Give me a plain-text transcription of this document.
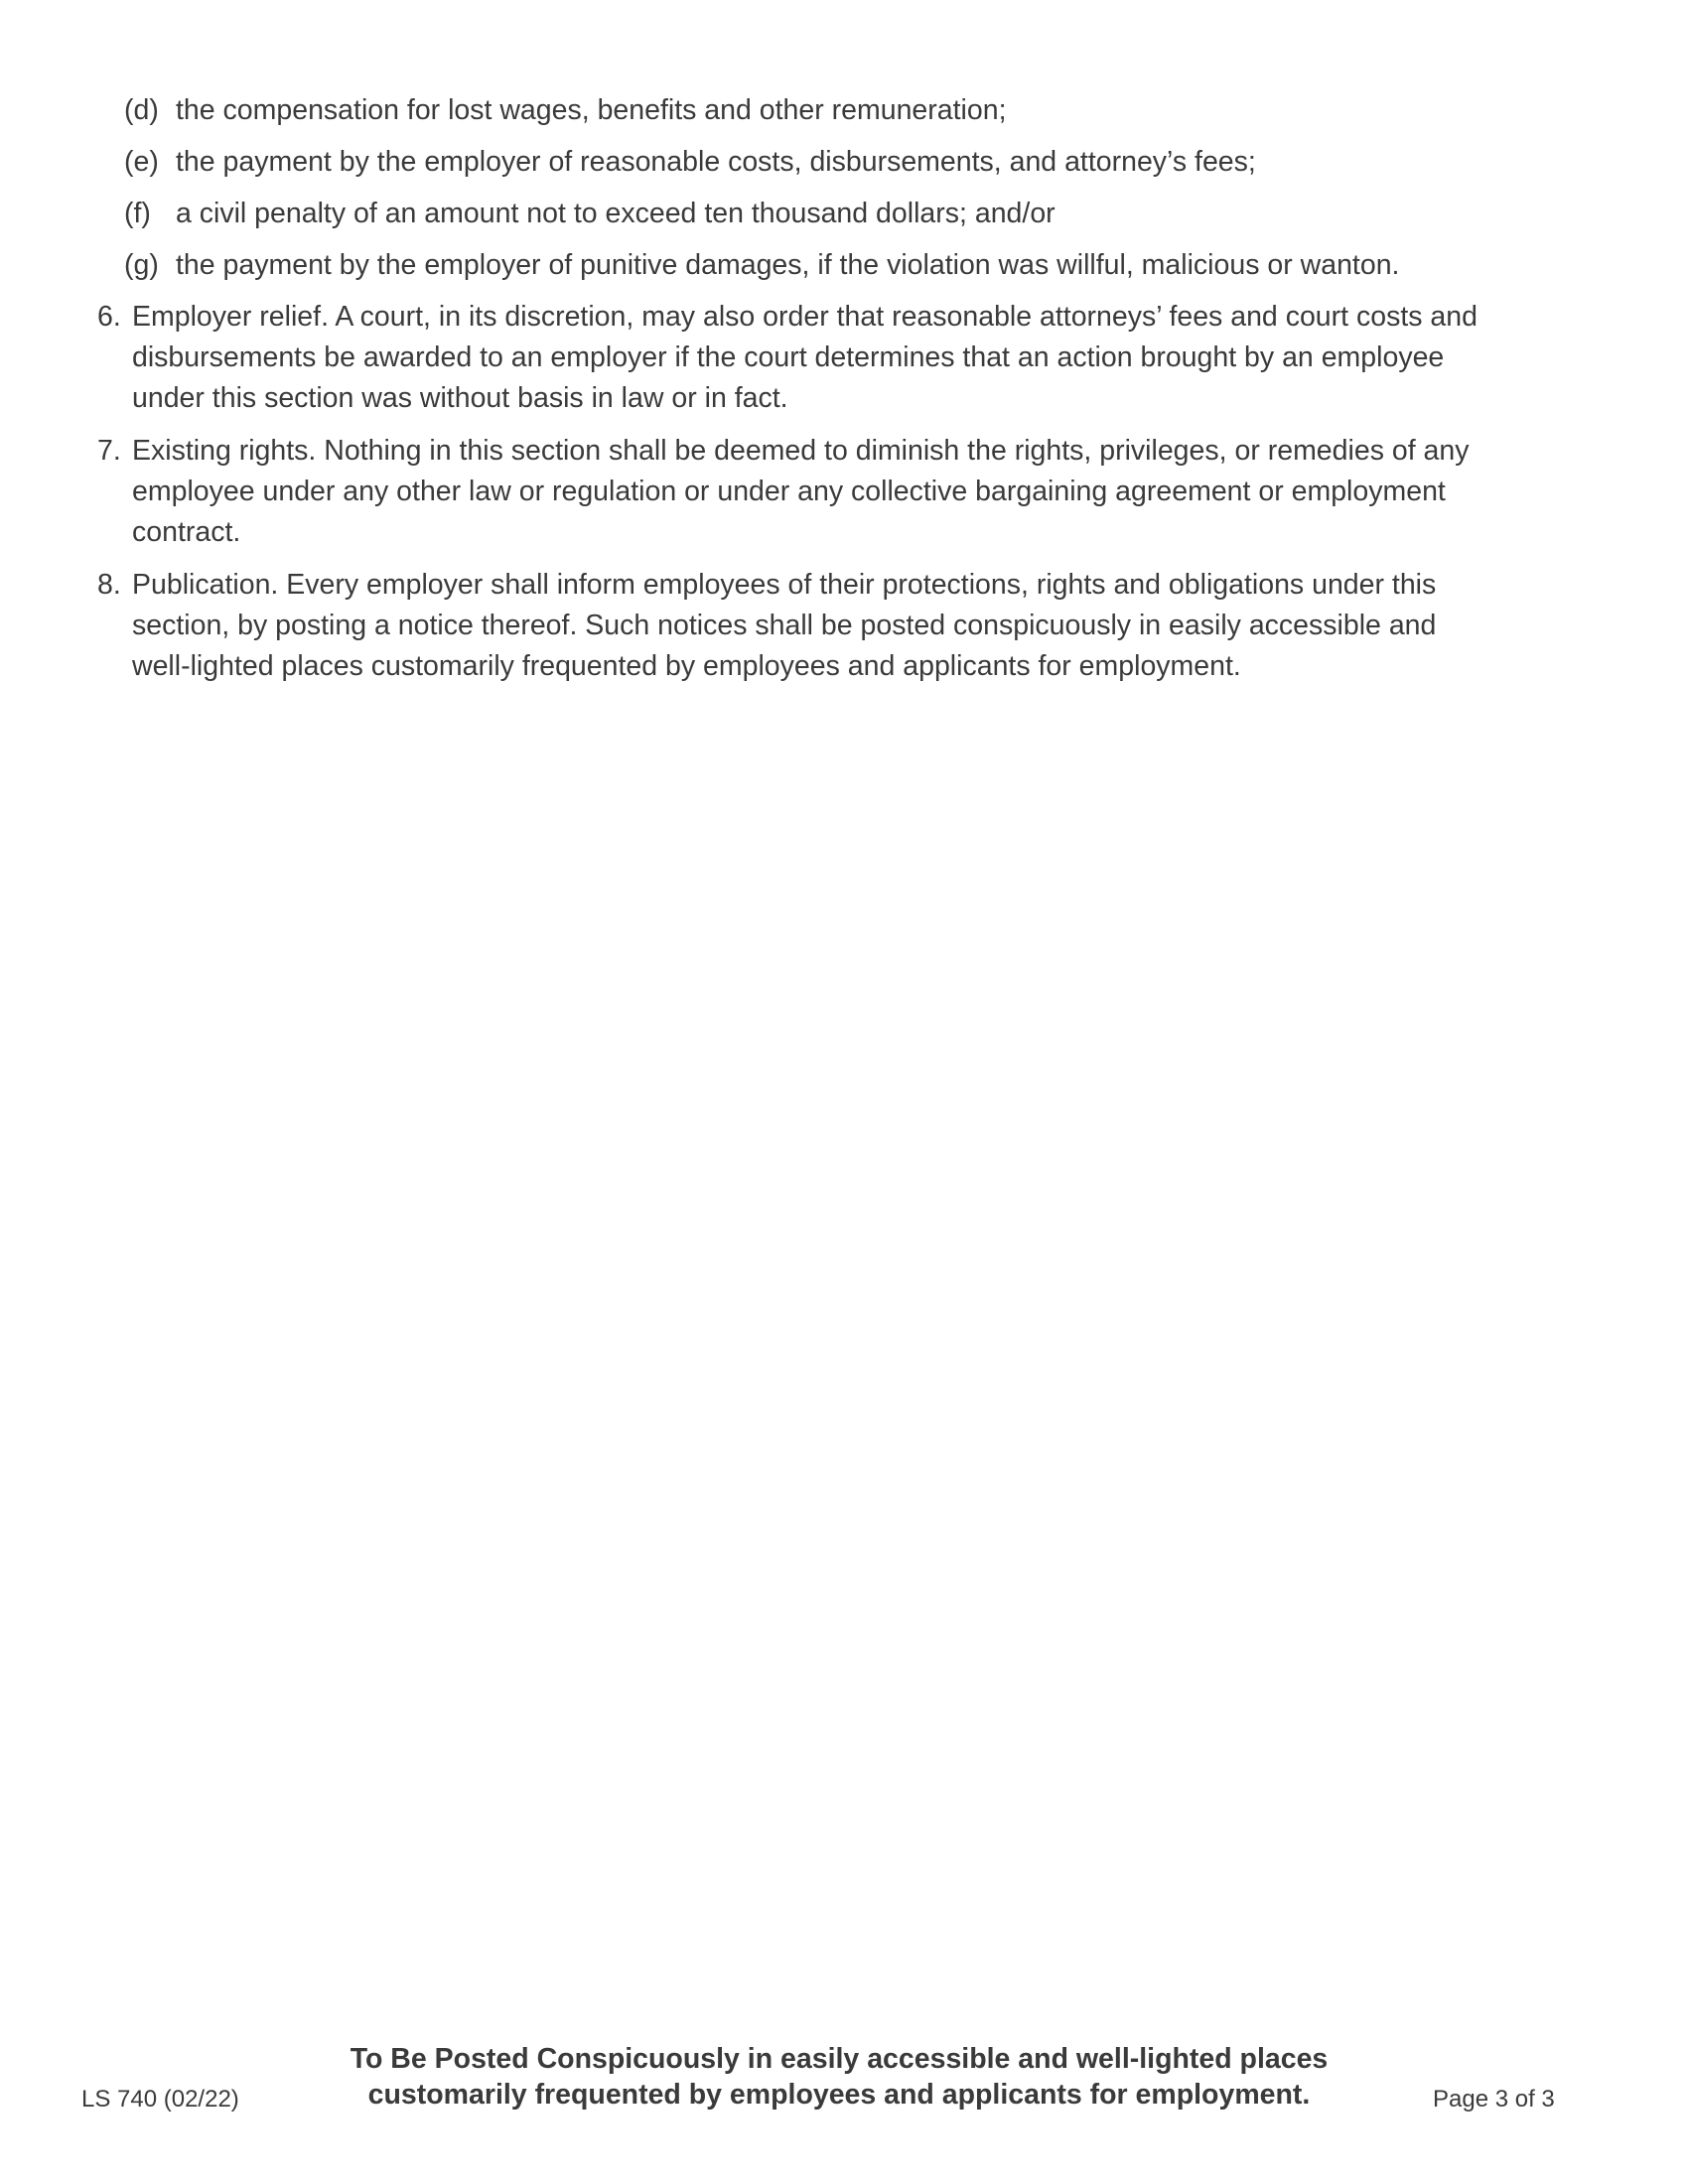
(d) the compensation for lost wages, benefits and other remuneration;
(e) the payment by the employer of reasonable costs, disbursements, and attorney’s fees;
(f) a civil penalty of an amount not to exceed ten thousand dollars; and/or
(g) the payment by the employer of punitive damages, if the violation was willful, malicious or wanton.
6. Employer relief. A court, in its discretion, may also order that reasonable attorneys’ fees and court costs and
disbursements be awarded to an employer if the court determines that an action brought by an employee
under this section was without basis in law or in fact.
7. Existing rights. Nothing in this section shall be deemed to diminish the rights, privileges, or remedies of any
employee under any other law or regulation or under any collective bargaining agreement or employment
contract.
8. Publication. Every employer shall inform employees of their protections, rights and obligations under this
section, by posting a notice thereof. Such notices shall be posted conspicuously in easily accessible and
well-lighted places customarily frequented by employees and applicants for employment.
LS 740 (02/22)
To Be Posted Conspicuously in easily accessible and well-lighted places
customarily frequented by employees and applicants for employment.	Page 3 of 3
